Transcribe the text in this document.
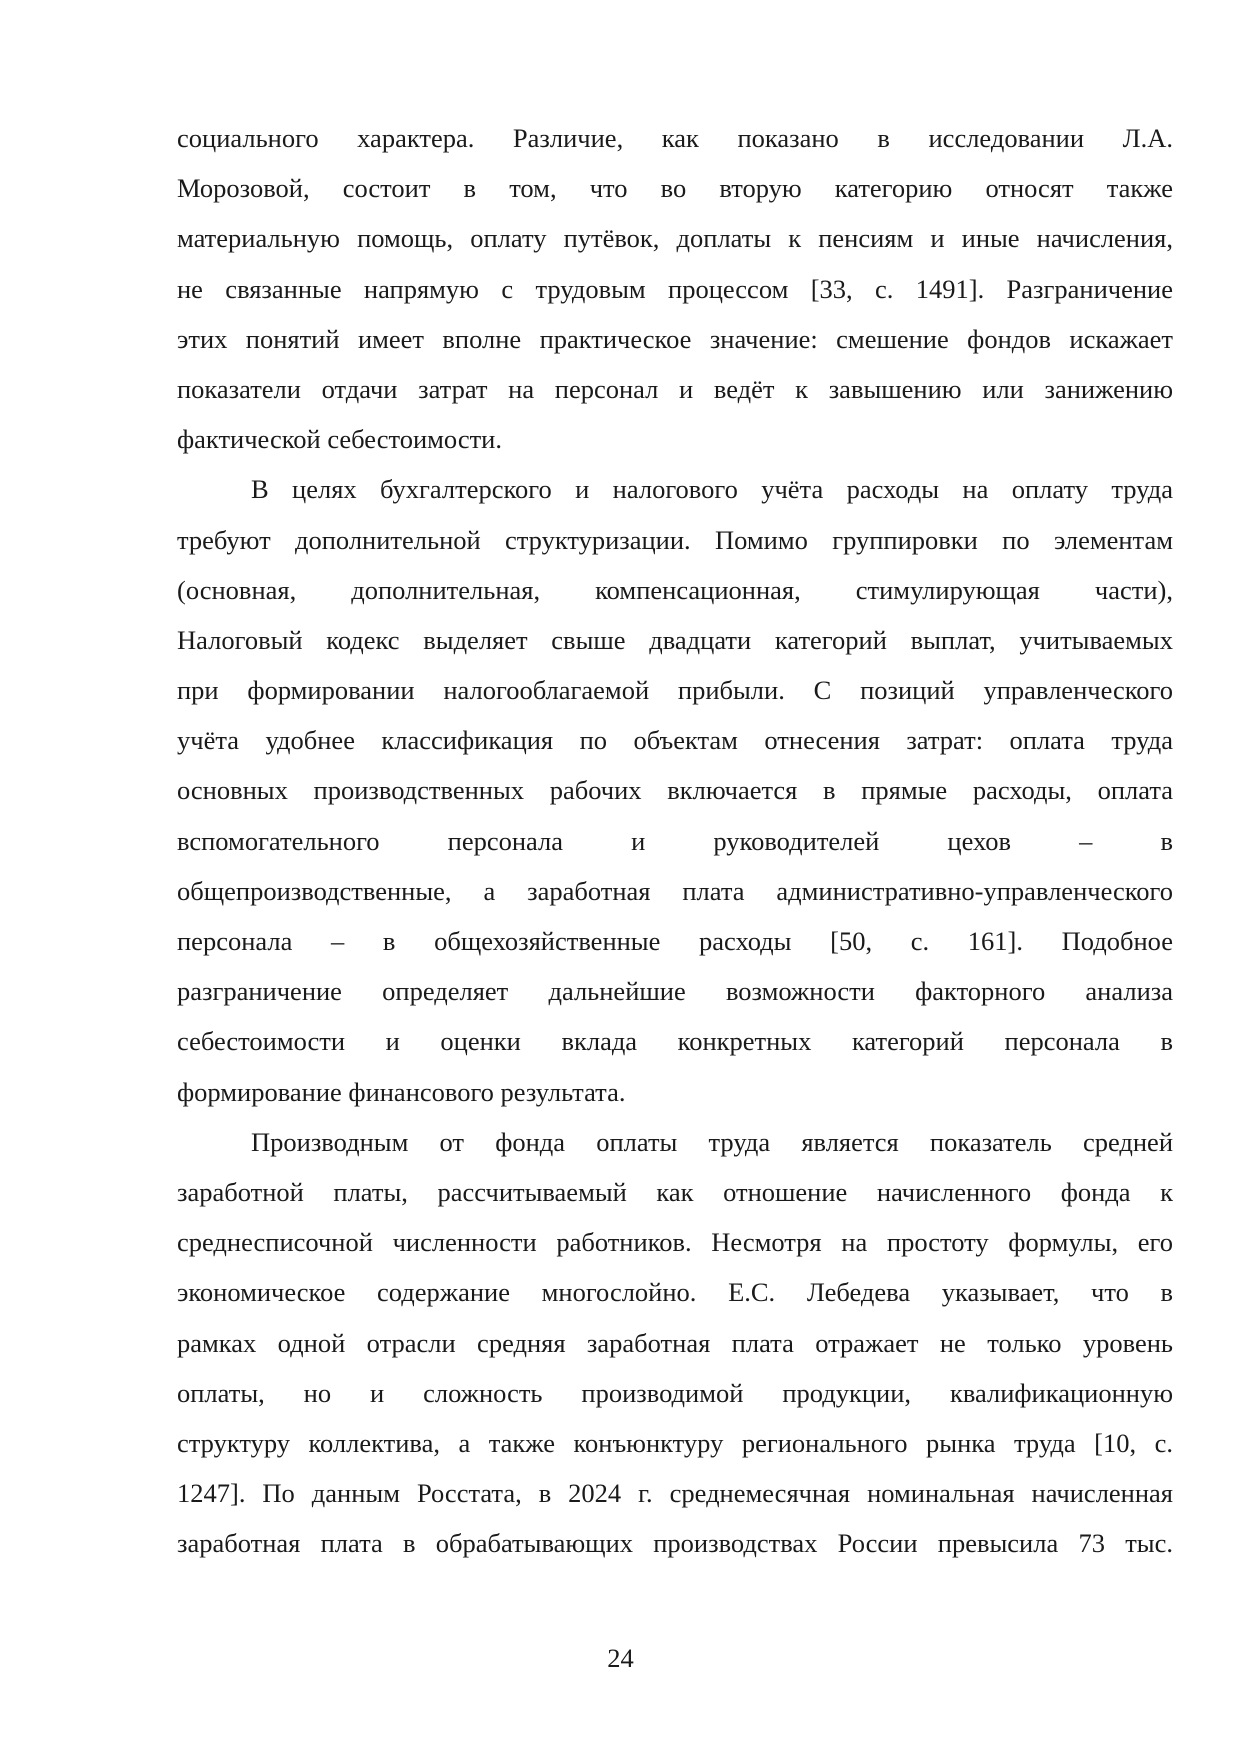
социального характера. Различие, как показано в исследовании Л.А.
Морозовой, состоит в том, что во вторую категорию относят также
материальную помощь, оплату путёвок, доплаты к пенсиям и иные начисления,
не связанные напрямую с трудовым процессом [33, с. 1491]. Разграничение
этих понятий имеет вполне практическое значение: смешение фондов искажает
показатели отдачи затрат на персонал и ведёт к завышению или занижению
фактической себестоимости.
В целях бухгалтерского и налогового учёта расходы на оплату труда
требуют дополнительной структуризации. Помимо группировки по элементам
(основная, дополнительная, компенсационная, стимулирующая части),
Налоговый кодекс выделяет свыше двадцати категорий выплат, учитываемых
при формировании налогооблагаемой прибыли. С позиций управленческого
учёта удобнее классификация по объектам отнесения затрат: оплата труда
основных производственных рабочих включается в прямые расходы, оплата
вспомогательного персонала и руководителей цехов – в
общепроизводственные, а заработная плата административно-управленческого
персонала – в общехозяйственные расходы [50, с. 161]. Подобное
разграничение определяет дальнейшие возможности факторного анализа
себестоимости и оценки вклада конкретных категорий персонала в
формирование финансового результата.
Производным от фонда оплаты труда является показатель средней
заработной платы, рассчитываемый как отношение начисленного фонда к
среднесписочной численности работников. Несмотря на простоту формулы, его
экономическое содержание многослойно. Е.С. Лебедева указывает, что в
рамках одной отрасли средняя заработная плата отражает не только уровень
оплаты, но и сложность производимой продукции, квалификационную
структуру коллектива, а также конъюнктуру регионального рынка труда [10, с.
1247]. По данным Росстата, в 2024 г. среднемесячная номинальная начисленная
заработная плата в обрабатывающих производствах России превысила 73 тыс.
24
